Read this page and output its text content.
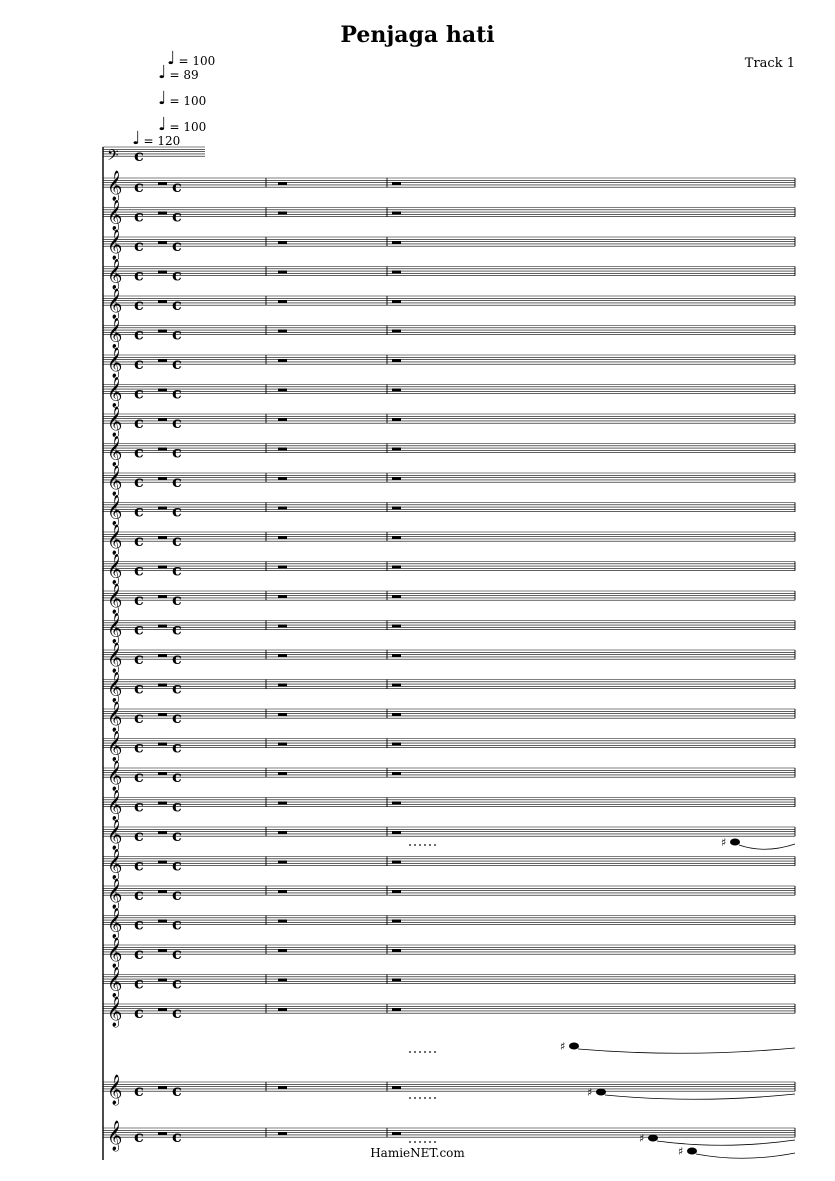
Penjaga hati
Track 1
♩ = 100
♩ = 89
♩ = 100
♩ = 100
♩ = 120
𝄢 c
𝄞 c c
𝄞 c c
𝄞 c c
𝄞 c c
𝄞 c c
𝄞 c c
𝄞 c c
𝄞 c c
𝄞 c c
𝄞 c c
𝄞 c c
𝄞 c c
𝄞 c c
𝄞 c c
𝄞 c c
𝄞 c c
𝄞 c c
𝄞 c c
𝄞 c c
𝄞 c c
𝄞 c c
𝄞 c c
𝄞 c c
𝄞 c c
𝄞 c c
𝄞 c c
𝄞 c c
𝄞 c c
𝄞 c c
𝄞 c c
𝄞 c c
♯
♯
♯
♯
♯
HamieNET.com
